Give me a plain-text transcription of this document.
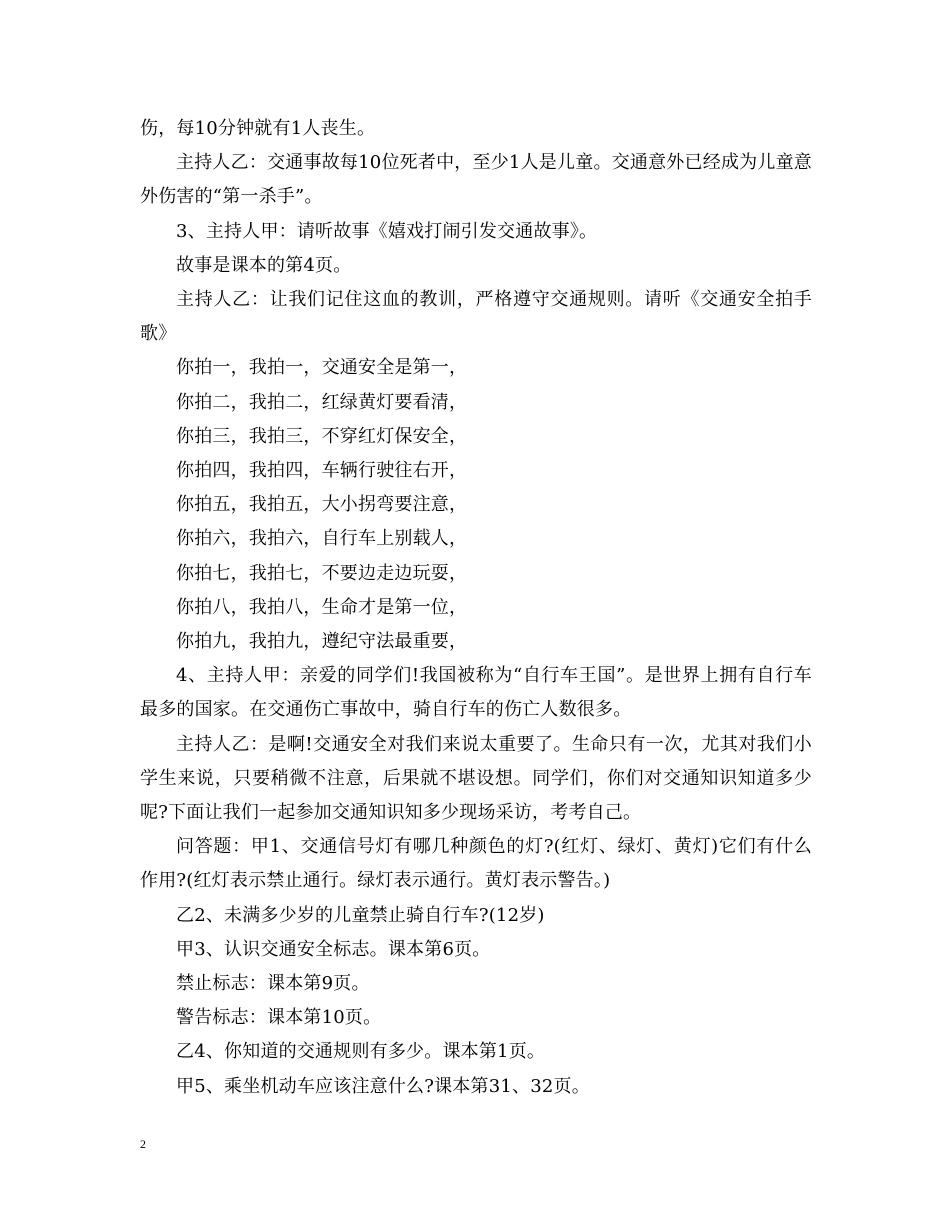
伤，每10分钟就有1人丧生。

主持人乙：交通事故每10位死者中，至少1人是儿童。交通意外已经成为儿童意外伤害的“第一杀手”。

3、主持人甲：请听故事《嬉戏打闹引发交通故事》。

故事是课本的第4页。

主持人乙：让我们记住这血的教训，严格遵守交通规则。请听《交通安全拍手歌》

你拍一，我拍一，交通安全是第一，

你拍二，我拍二，红绿黄灯要看清，

你拍三，我拍三，不穿红灯保安全，

你拍四，我拍四，车辆行驶往右开，

你拍五，我拍五，大小拐弯要注意，

你拍六，我拍六，自行车上别载人，

你拍七，我拍七，不要边走边玩耍，

你拍八，我拍八，生命才是第一位，

你拍九，我拍九，遵纪守法最重要，

4、主持人甲：亲爱的同学们!我国被称为“自行车王国”。是世界上拥有自行车最多的国家。在交通伤亡事故中，骑自行车的伤亡人数很多。

主持人乙：是啊!交通安全对我们来说太重要了。生命只有一次，尤其对我们小学生来说，只要稍微不注意，后果就不堪设想。同学们，你们对交通知识知道多少呢?下面让我们一起参加交通知识知多少现场采访，考考自己。

问答题：甲1、交通信号灯有哪几种颜色的灯?(红灯、绿灯、黄灯)它们有什么作用?(红灯表示禁止通行。绿灯表示通行。黄灯表示警告。)

乙2、未满多少岁的儿童禁止骑自行车?(12岁)

甲3、认识交通安全标志。课本第6页。

禁止标志：课本第9页。

警告标志：课本第10页。

乙4、你知道的交通规则有多少。课本第1页。

甲5、乘坐机动车应该注意什么?课本第31、32页。

2
